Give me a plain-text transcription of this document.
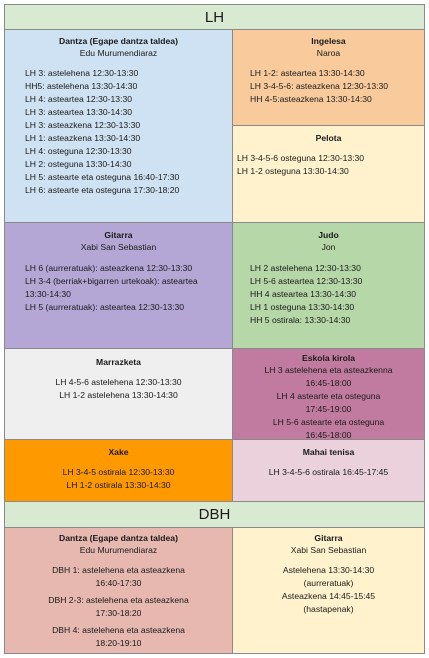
LH
Dantza (Egape dantza taldea)
Edu Murumendiaraz
LH 3: astelehena 12:30-13:30
HH5: astelehena 13:30-14:30
LH 4: asteartea 12:30-13:30
LH 3: asteartea 13:30-14:30
LH 3: asteazkena 12:30-13:30
LH 1: asteazkena 13:30-14:30
LH 4: osteguna 12:30-13:30
LH 2: osteguna 13:30-14:30
LH 5: astearte eta osteguna 16:40-17:30
LH 6: astearte eta osteguna 17:30-18:20
Ingelesa
Naroa
LH 1-2: asteartea 13:30-14:30
LH 3-4-5-6: asteazkena 12:30-13:30
HH 4-5:asteazkena 13:30-14:30
Pelota
LH 3-4-5-6 osteguna 12:30-13:30
LH 1-2 osteguna 13:30-14:30
Gitarra
Xabi San Sebastian
LH 6 (aurreratuak): asteazkena 12:30-13:30
LH 3-4 (berriak+bigarren urtekoak): asteartea
13:30-14:30
LH 5 (aurreratuak): asteartea 12:30-13:30
Judo
Jon
LH 2 astelehena 12:30-13:30
LH 5-6 asteartea 12:30-13:30
HH 4 asteartea 13:30-14:30
LH 1 osteguna 13:30-14:30
HH 5 ostirala: 13:30-14:30
Marrazketa
LH 4-5-6 astelehena 12:30-13:30
LH 1-2 astelehena 13:30-14:30
Eskola kirola
LH 3 astelehena eta asteazkenna
16:45-18:00
LH 4 astearte eta osteguna
17:45-19:00
LH 5-6 astearte eta osteguna
16:45-18:00
Xake
LH 3-4-5 ostirala 12:30-13:30
LH 1-2 ostirala 13:30-14:30
Mahai tenisa
LH 3-4-5-6 ostirala 16:45-17:45
DBH
Dantza (Egape dantza taldea)
Edu Murumendiaraz
DBH 1: astelehena eta asteazkena
16:40-17:30
DBH 2-3: astelehena eta asteazkena
17:30-18:20
DBH 4: astelehena eta asteazkena
18:20-19:10
Gitarra
Xabi San Sebastian
Astelehena 13:30-14:30
(aurreratuak)
Asteazkena 14:45-15:45
(hastapenak)
